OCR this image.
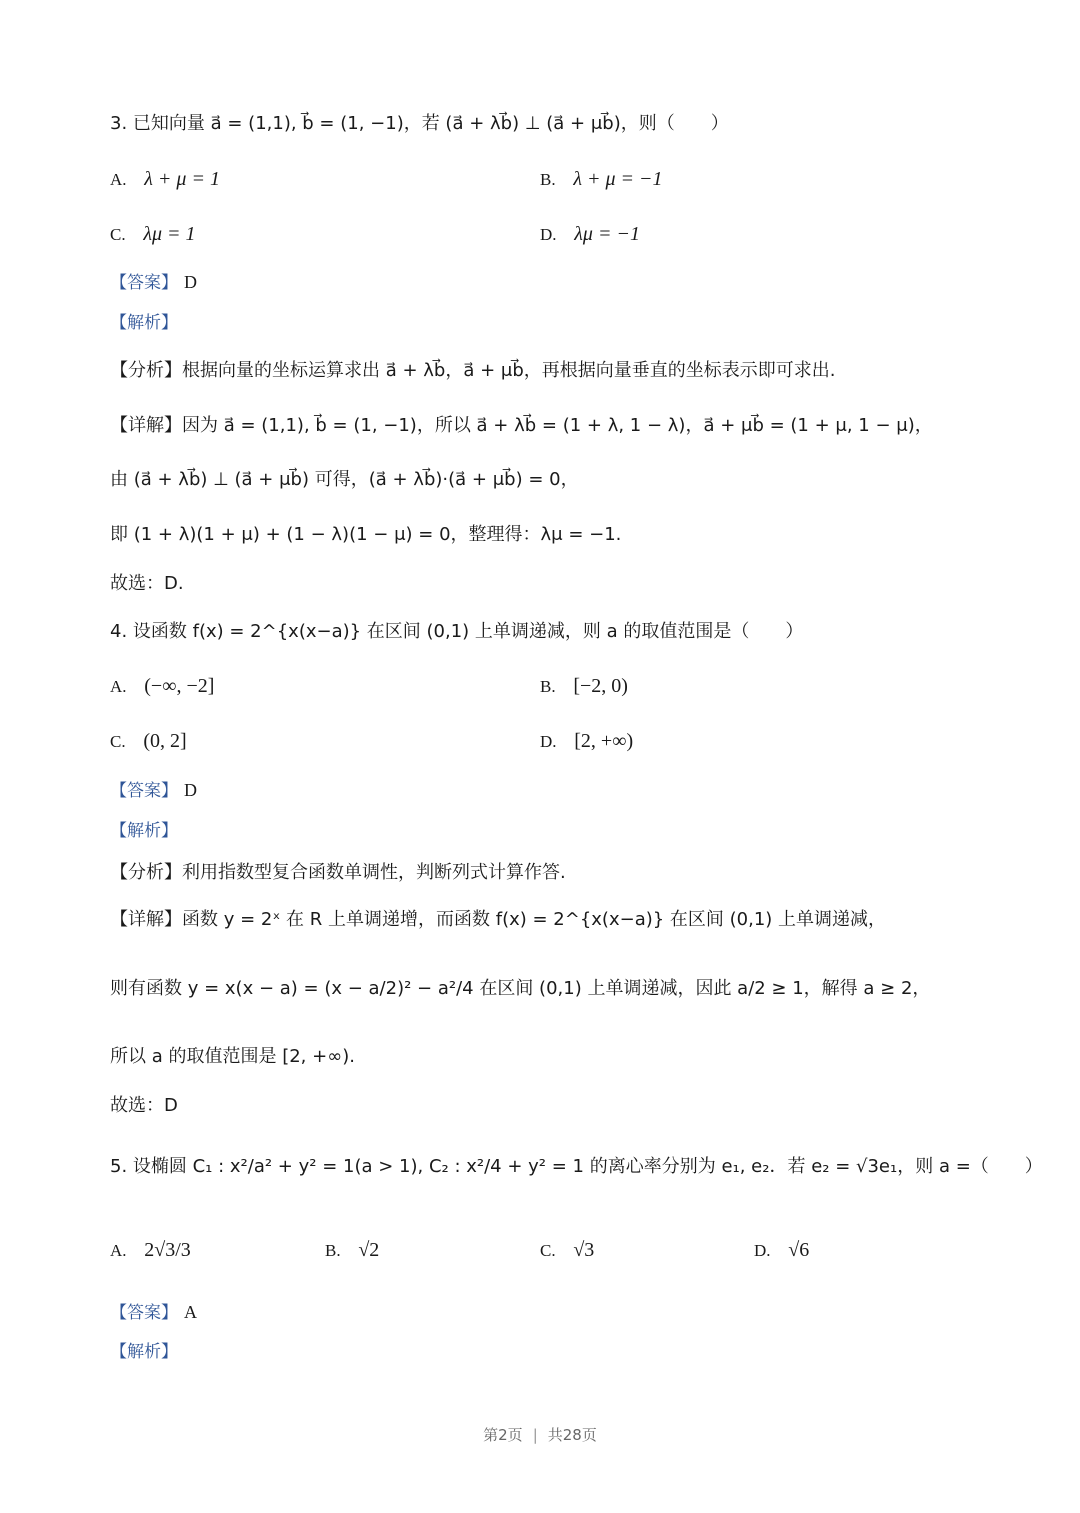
3. 已知向量 a⃗ = (1,1), b⃗ = (1, −1)，若 (a⃗ + λb⃗) ⊥ (a⃗ + μb⃗)，则（　　）
A. λ + μ = 1	B. λ + μ = −1
C. λμ = 1	D. λμ = −1
【答案】 D
【解析】
【分析】根据向量的坐标运算求出 a⃗ + λb⃗，a⃗ + μb⃗，再根据向量垂直的坐标表示即可求出.
【详解】因为 a⃗ = (1,1), b⃗ = (1, −1)，所以 a⃗ + λb⃗ = (1 + λ, 1 − λ)，a⃗ + μb⃗ = (1 + μ, 1 − μ)，
由 (a⃗ + λb⃗) ⊥ (a⃗ + μb⃗) 可得，(a⃗ + λb⃗)·(a⃗ + μb⃗) = 0，
即 (1 + λ)(1 + μ) + (1 − λ)(1 − μ) = 0，整理得：λμ = −1.
故选：D.
4. 设函数 f(x) = 2^{x(x−a)} 在区间 (0,1) 上单调递减，则 a 的取值范围是（　　）
A. (−∞, −2]	B. [−2, 0)
C. (0, 2]	D. [2, +∞)
【答案】 D
【解析】
【分析】利用指数型复合函数单调性，判断列式计算作答.
【详解】函数 y = 2ˣ 在 R 上单调递增，而函数 f(x) = 2^{x(x−a)} 在区间 (0,1) 上单调递减，
则有函数 y = x(x − a) = (x − a/2)² − a²/4 在区间 (0,1) 上单调递减，因此 a/2 ≥ 1，解得 a ≥ 2，
所以 a 的取值范围是 [2, +∞).
故选：D
5. 设椭圆 C₁ : x²/a² + y² = 1(a > 1), C₂ : x²/4 + y² = 1 的离心率分别为 e₁, e₂．若 e₂ = √3e₁，则 a =（　　）
A. 2√3/3	B. √2	C. √3	D. √6
【答案】 A
【解析】
第2页 | 共28页
